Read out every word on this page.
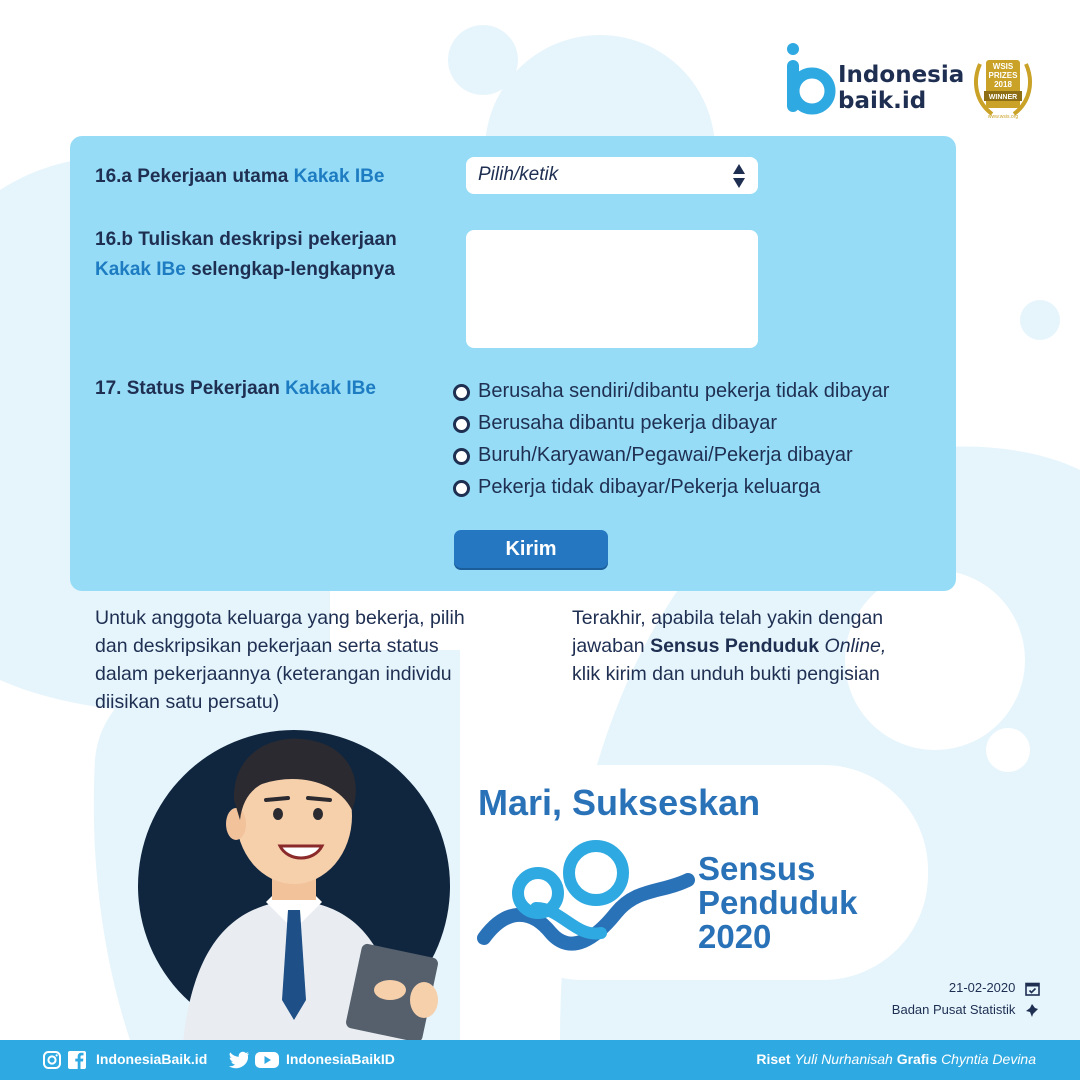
Indonesia
baik.id
WSIS
PRIZES
2018
WINNER
www.wsis.org
16.a Pekerjaan utama Kakak IBe	Pilih/ketik
16.b Tuliskan deskripsi pekerjaan
Kakak IBe selengkap-lengkapnya
17. Status Pekerjaan Kakak IBe	Berusaha sendiri/dibantu pekerja tidak dibayar
Berusaha dibantu pekerja dibayar
Buruh/Karyawan/Pegawai/Pekerja dibayar
Pekerja tidak dibayar/Pekerja keluarga
Kirim
Untuk anggota keluarga yang bekerja, pilih
dan deskripsikan pekerjaan serta status
dalam pekerjaannya (keterangan individu
diisikan satu persatu)
Terakhir, apabila telah yakin dengan
jawaban Sensus Penduduk Online,
klik kirim dan unduh bukti pengisian
Mari, Sukseskan
Sensus
Penduduk
2020
21-02-2020
Badan Pusat Statistik
IndonesiaBaik.id	IndonesiaBaikID	Riset Yuli Nurhanisah Grafis Chyntia Devina
